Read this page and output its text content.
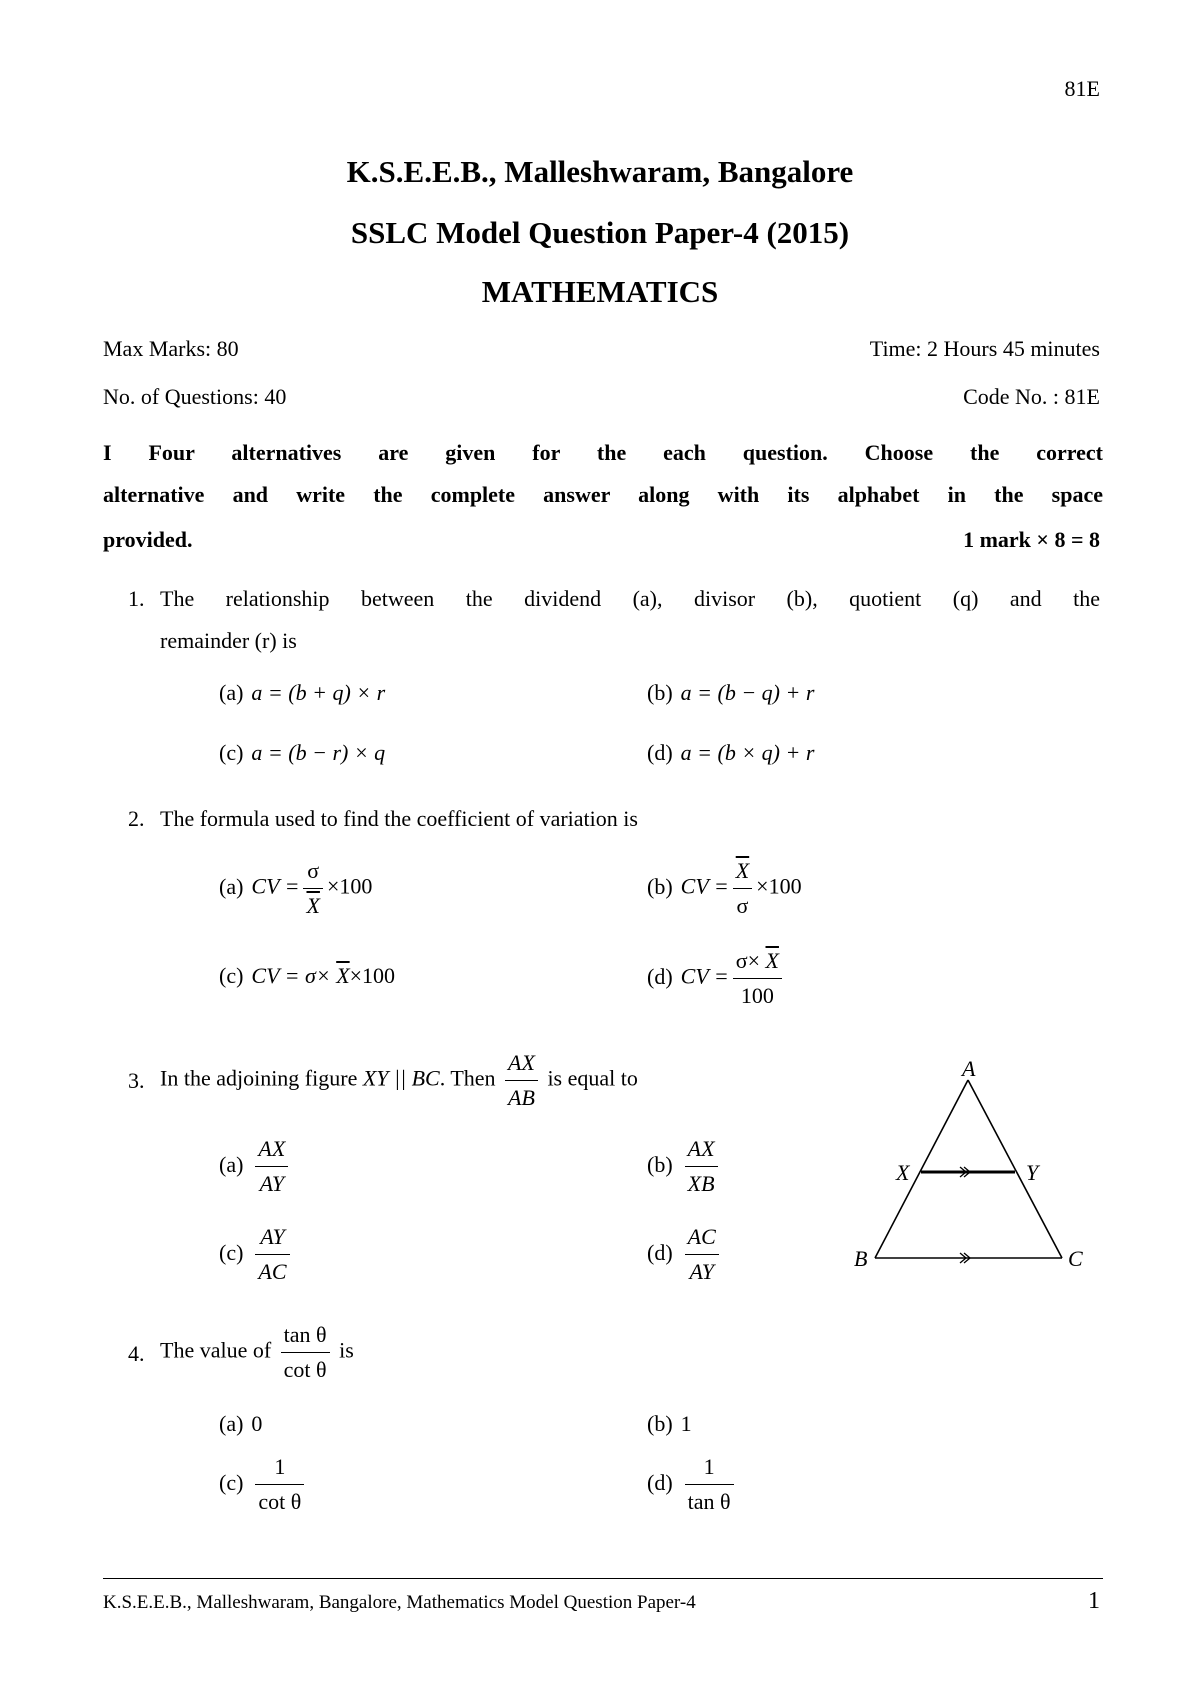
81E
K.S.E.E.B., Malleshwaram, Bangalore
SSLC Model Question Paper-4 (2015)
MATHEMATICS
Max Marks: 80	Time: 2 Hours 45 minutes
No. of Questions: 40	Code No. : 81E
I Four alternatives are given for the each question. Choose the correct
alternative and write the complete answer along with its alphabet in the space
provided.	1 mark × 8 = 8
1. The relationship between the dividend (a), divisor (b), quotient (q) and the
remainder (r) is
(a) a = (b + q) × r	(b) a = (b − q) + r
(c) a = (b − r) × q	(d) a = (b × q) + r
2. The formula used to find the coefficient of variation is
(a) CV = $\frac{\sigma}{X} \times 100$	(b) CV = $\frac{\overline{X}}{\sigma} \times 100$
(c) CV = $\sigma\times \overline{X}\times 100$	(d) CV = $\frac{\sigma\times \overline{X}}{100}$
3. In the adjoining figure XY || BC. Then $\frac{AX}{AB}$ is equal to
$(a) \frac{AX}{AY}$	$(b) \frac{AX}{XB}$
$(c) \frac{AY}{AC}$	$(d) \frac{AC}{AY}$
A
B	C
X	Y
4. The value of $\frac{\text{tan θ}}{\text{cot θ}}$ is
(a) 0	(b) 1
$(c) \frac{1}{\text{cot θ}}$	$(d) \frac{1}{\text{tan θ}}$
K.S.E.E.B., Malleshwaram, Bangalore, Mathematics Model Question Paper-4	1
